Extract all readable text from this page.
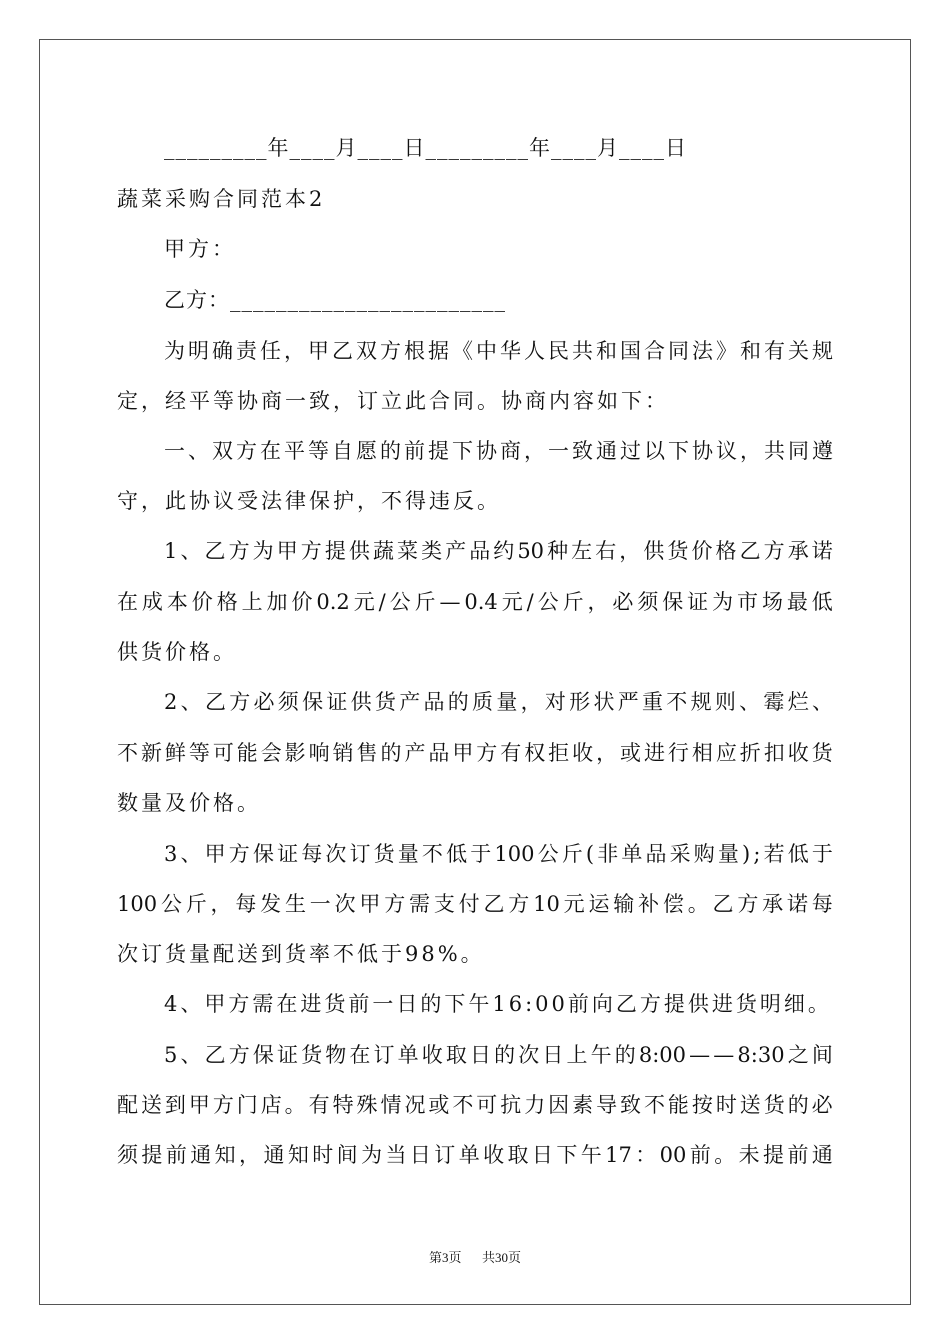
_________年____月____日_________年____月____日
蔬菜采购合同范本2
甲方：
乙方：________________________
为 明 确 责 任 ， 甲 乙 双 方 根 据 《 中 华 人 民 共 和 国 合 同 法 》 和 有 关 规
定，经平等协商一致，订立此合同。协商内容如下：
一 、 双 方 在 平 等 自 愿 的 前 提 下 协 商 ， 一 致 通 过 以 下 协 议 ， 共 同 遵
守，此协议受法律保护，不得违反。
1 、 乙 方 为 甲 方 提 供 蔬 菜 类 产 品 约 50 种 左 右 ， 供 货 价 格 乙 方 承 诺
在 成 本 价 格 上 加 价 0.2 元 / 公 斤 — 0.4 元 / 公 斤 ， 必 须 保 证 为 市 场 最 低
供货价格。
2 、 乙 方 必 须 保 证 供 货 产 品 的 质 量 ， 对 形 状 严 重 不 规 则 、 霉 烂 、
不 新 鲜 等 可 能 会 影 响 销 售 的 产 品 甲 方 有 权 拒 收 ， 或 进 行 相 应 折 扣 收 货
数量及价格。
3 、 甲 方 保 证 每 次 订 货 量 不 低 于 100 公 斤 ( 非 单 品 采 购 量 ) ; 若 低 于
100 公 斤 ， 每 发 生 一 次 甲 方 需 支 付 乙 方 10 元 运 输 补 偿 。 乙 方 承 诺 每
次订货量配送到货率不低于98%。
4、甲方需在进货前一日的下午16:00前向乙方提供进货明细。
5 、 乙 方 保 证 货 物 在 订 单 收 取 日 的 次 日 上 午 的 8:00 — — 8:30 之 间
配 送 到 甲 方 门 店 。 有 特 殊 情 况 或 不 可 抗 力 因 素 导 致 不 能 按 时 送 货 的 必
须 提 前 通 知 ， 通 知 时 间 为 当 日 订 单 收 取 日 下 午 17 ： 00 前 。 未 提 前 通
第3页 共30页
